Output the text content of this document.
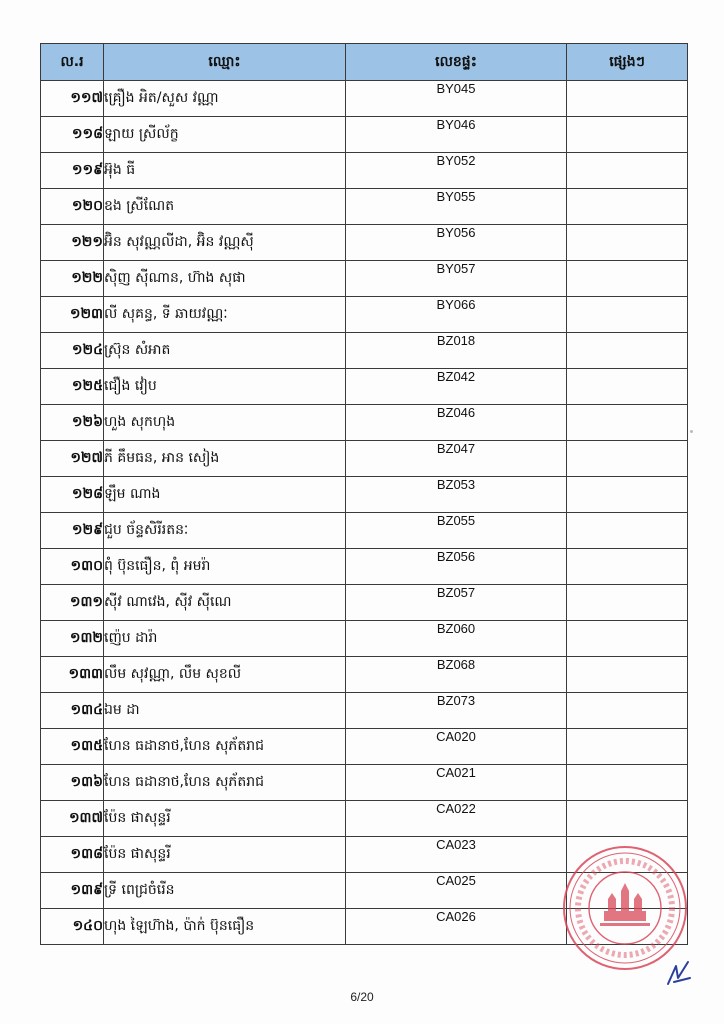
ល.រ	ឈ្មោះ	លេខផ្ទះ	ផ្សេងៗ
១១៧	គ្រឿង អិត/សួស វណ្ណា	BY045	
១១៨	ឡាយ ស្រីល័ក្ខ	BY046	
១១៩	អ៊ុង ធី	BY052	
១២០	ឧង ស្រីណែត	BY055	
១២១	អ៊ិន សុវណ្ណលីដា, អ៊ិន វណ្ណស៊ី	BY056	
១២២	ស៊ិញ ស៊ីណាន, ហ៊ាង សុផា	BY057	
១២៣	លី សុគន្ធ, ទី ឆាយវណ្ណៈ	BY066	
១២៤	ស្រ៊ុន សំអាត	BZ018	
១២៥	ជឿង វៀប	BZ042	
១២៦	ហួង សុកហុង	BZ046	
១២៧	ភី គឹមធន, អាន សៀង	BZ047	
១២៨	ឡឹម ណាង	BZ053	
១២៩	ជួប ច័ន្ទសិរីរតនៈ	BZ055	
១៣០	ពុំ ប៊ុនធឿន, ពុំ អមរ៉ា	BZ056	
១៣១	ស៊ីវ ណាវេង, ស៊ីវ ស៊ីណេ	BZ057	
១៣២	ញ៉េប ដារ៉ា	BZ060	
១៣៣	លឹម សុវណ្ណា, លឹម សុខលី	BZ068	
១៣៤	ឯម ដា	BZ073	
១៣៥	ហែន ធដានាថ,ហែន សុភ័តរាជ	CA020	
១៣៦	ហែន ធដានាថ,ហែន សុភ័តរាជ	CA021	
១៣៧	ប៉ែន ផាសុន្ទរី	CA022	
១៣៨	ប៉ែន ផាសុន្ទរី	CA023	
១៣៩	ទ្រី ពេជ្រចំរើន	CA025	
១៤០	ហុង ឡៃហ៊ាង, ប៉ាក់ ប៊ុនធឿន	CA026	
6/20
